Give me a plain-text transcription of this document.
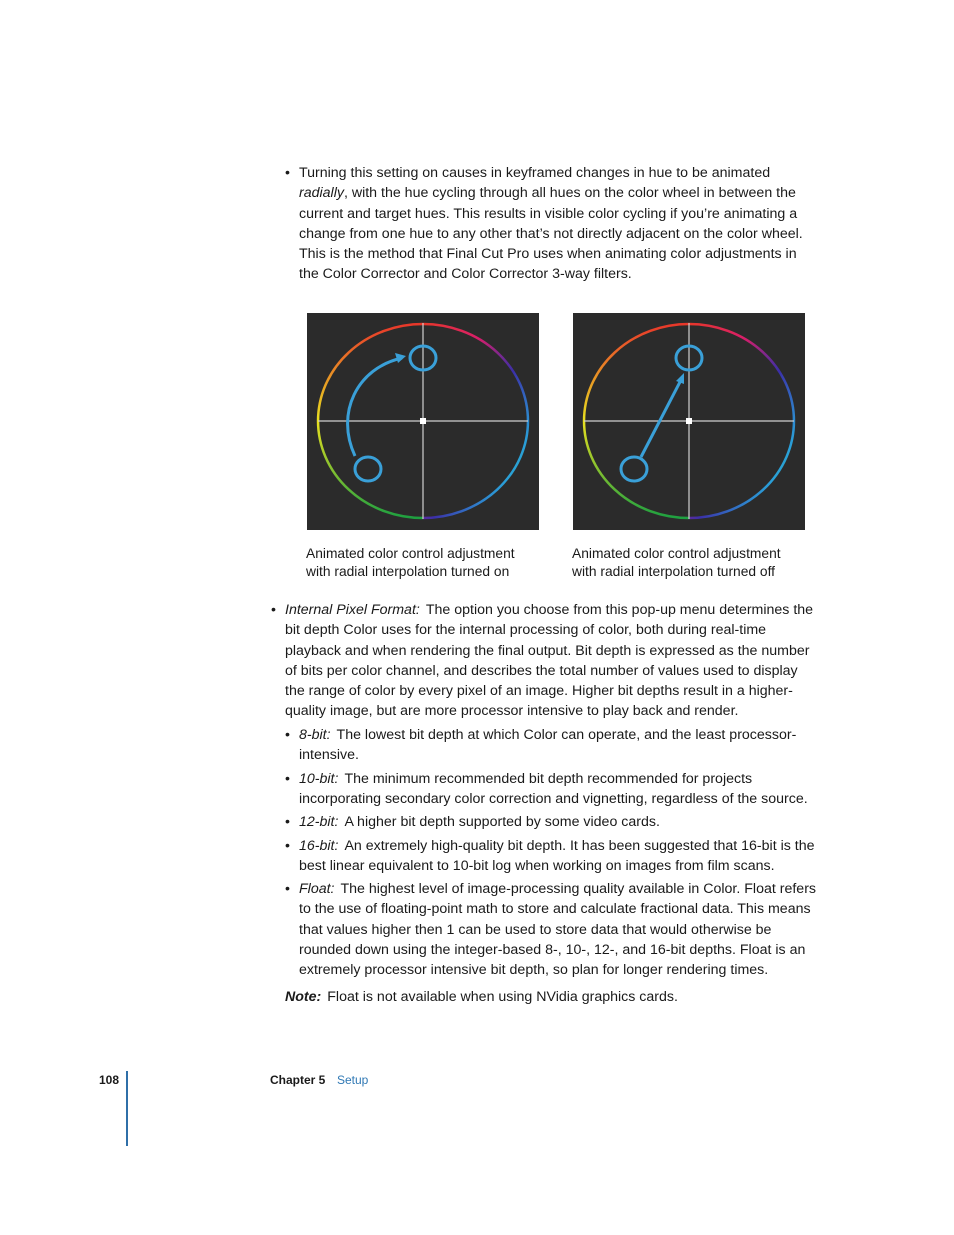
• Turning this setting on causes in keyframed changes in hue to be animated
radially, with the hue cycling through all hues on the color wheel in between the
current and target hues. This results in visible color cycling if you’re animating a
change from one hue to any other that’s not directly adjacent on the color wheel.
This is the method that Final Cut Pro uses when animating color adjustments in
the Color Corrector and Color Corrector 3-way filters.
Animated color control adjustment
with radial interpolation turned on
Animated color control adjustment
with radial interpolation turned off
• Internal Pixel Format: The option you choose from this pop-up menu determines the
bit depth Color uses for the internal processing of color, both during real-time
playback and when rendering the final output. Bit depth is expressed as the number
of bits per color channel, and describes the total number of values used to display
the range of color by every pixel of an image. Higher bit depths result in a higher-
quality image, but are more processor intensive to play back and render.
• 8-bit: The lowest bit depth at which Color can operate, and the least processor-
intensive.
• 10-bit: The minimum recommended bit depth recommended for projects
incorporating secondary color correction and vignetting, regardless of the source.
• 12-bit: A higher bit depth supported by some video cards.
• 16-bit: An extremely high-quality bit depth. It has been suggested that 16-bit is the
best linear equivalent to 10-bit log when working on images from film scans.
• Float: The highest level of image-processing quality available in Color. Float refers
to the use of floating-point math to store and calculate fractional data. This means
that values higher then 1 can be used to store data that would otherwise be
rounded down using the integer-based 8-, 10-, 12-, and 16-bit depths. Float is an
extremely processor intensive bit depth, so plan for longer rendering times.
Note: Float is not available when using NVidia graphics cards.
108	Chapter 5 Setup
